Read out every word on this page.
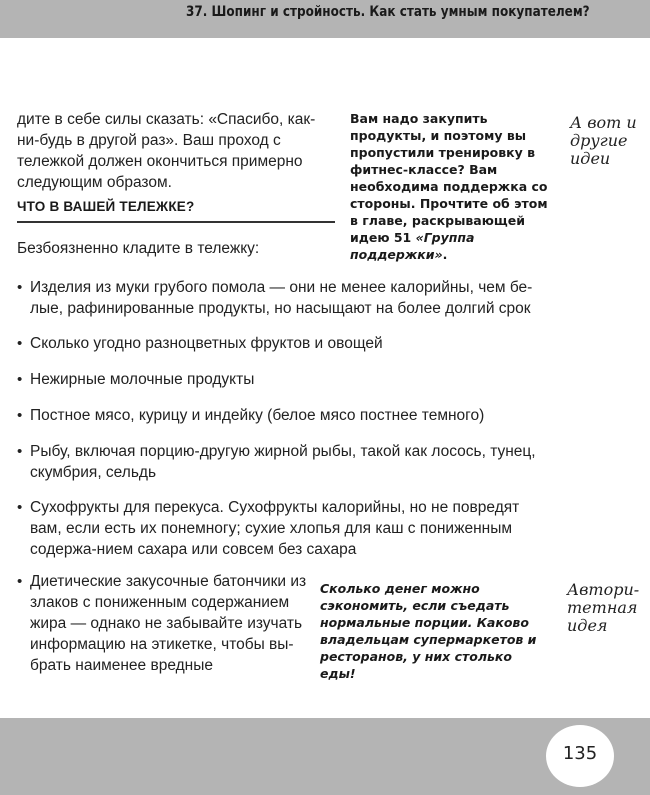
37. Шопинг и стройность. Как стать умным покупателем?
дите в себе силы сказать: «Спасибо, как-ни-будь в другой раз». Ваш проход с тележкой должен окончиться примерно следующим образом.
ЧТО В ВАШЕЙ ТЕЛЕЖКЕ?
Безбоязненно кладите в тележку:
• Изделия из муки грубого помола — они не менее калорийны, чем бе-лые, рафинированные продукты, но насыщают на более долгий срок
• Сколько угодно разноцветных фруктов и овощей
• Нежирные молочные продукты
• Постное мясо, курицу и индейку (белое мясо постнее темного)
• Рыбу, включая порцию-другую жирной рыбы, такой как лосось, тунец, скумбрия, сельдь
• Сухофрукты для перекуса. Сухофрукты калорийны, но не повредят вам, если есть их понемногу; сухие хлопья для каш с пониженным содержа-нием сахара или совсем без сахара
• Диетические закусочные батончики из злаков с пониженным содержанием жира — однако не забывайте изучать информацию на этикетке, чтобы вы-брать наименее вредные
Вам надо закупить продукты, и поэтому вы пропустили тренировку в фитнес-классе? Вам необходима поддержка со стороны. Прочтите об этом в главе, раскрывающей идею 51 «Группа поддержки».
Сколько денег можно сэкономить, если съедать нормальные порции. Каково владельцам супермаркетов и ресторанов, у них столько еды!
А вот и другие идеи
Автори-тетная идея
135
